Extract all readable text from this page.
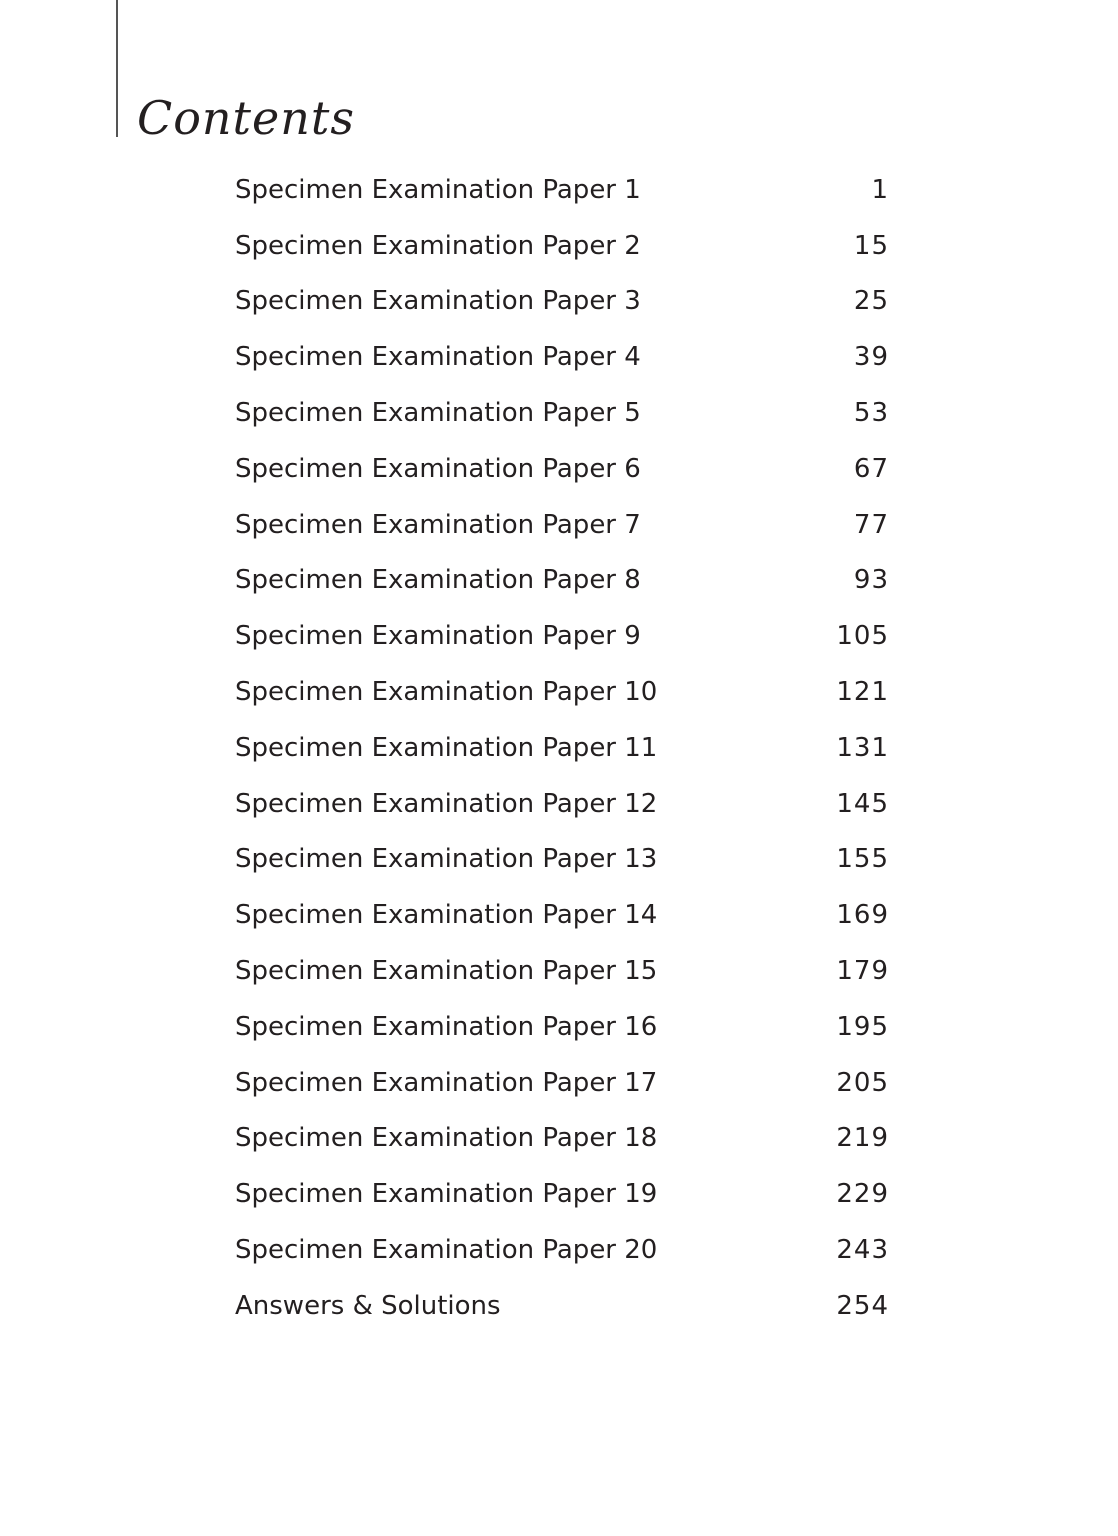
Contents
Specimen Examination Paper 1	1
Specimen Examination Paper 2	15
Specimen Examination Paper 3	25
Specimen Examination Paper 4	39
Specimen Examination Paper 5	53
Specimen Examination Paper 6	67
Specimen Examination Paper 7	77
Specimen Examination Paper 8	93
Specimen Examination Paper 9	105
Specimen Examination Paper 10	121
Specimen Examination Paper 11	131
Specimen Examination Paper 12	145
Specimen Examination Paper 13	155
Specimen Examination Paper 14	169
Specimen Examination Paper 15	179
Specimen Examination Paper 16	195
Specimen Examination Paper 17	205
Specimen Examination Paper 18	219
Specimen Examination Paper 19	229
Specimen Examination Paper 20	243
Answers & Solutions	254
